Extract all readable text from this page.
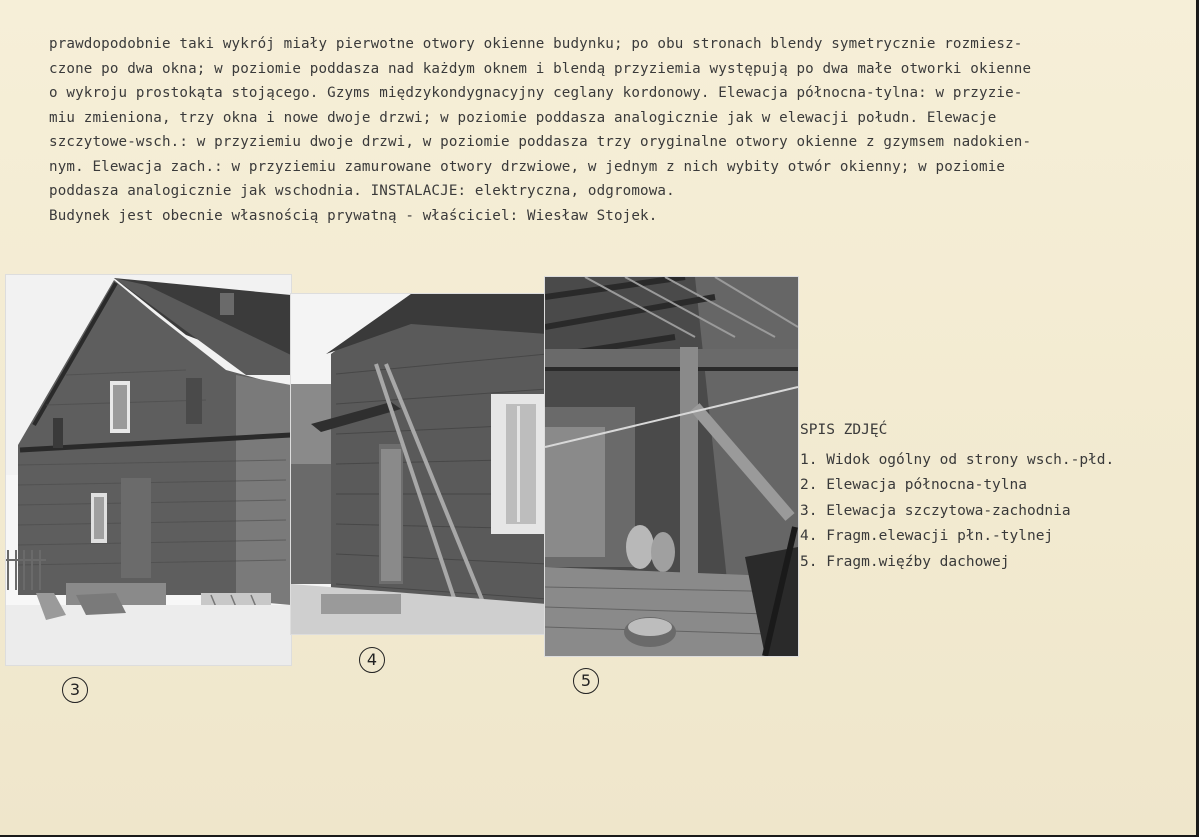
prawdopodobnie taki wykrój miały pierwotne otwory okienne budynku; po obu stronach blendy symetrycznie rozmiesz-
czone po dwa okna; w poziomie poddasza nad każdym oknem i blendą przyziemia występują po dwa małe otworki okienne
o wykroju prostokąta stojącego. Gzyms międzykondygnacyjny ceglany kordonowy. Elewacja północna-tylna: w przyzie-
miu zmieniona, trzy okna i nowe dwoje drzwi; w poziomie poddasza analogicznie jak w elewacji połudn. Elewacje
szczytowe-wsch.: w przyziemiu dwoje drzwi, w poziomie poddasza trzy oryginalne otwory okienne z gzymsem nadokien-
nym. Elewacja zach.: w przyziemiu zamurowane otwory drzwiowe, w jednym z nich wybity otwór okienny; w poziomie
poddasza analogicznie jak wschodnia. INSTALACJE: elektryczna, odgromowa.
Budynek jest obecnie własnością prywatną - właściciel: Wiesław Stojek.
3
4
5
SPIS ZDJĘĆ
1. Widok ogólny od strony wsch.-płd.
2. Elewacja północna-tylna
3. Elewacja szczytowa-zachodnia
4. Fragm.elewacji płn.-tylnej
5. Fragm.więźby dachowej
